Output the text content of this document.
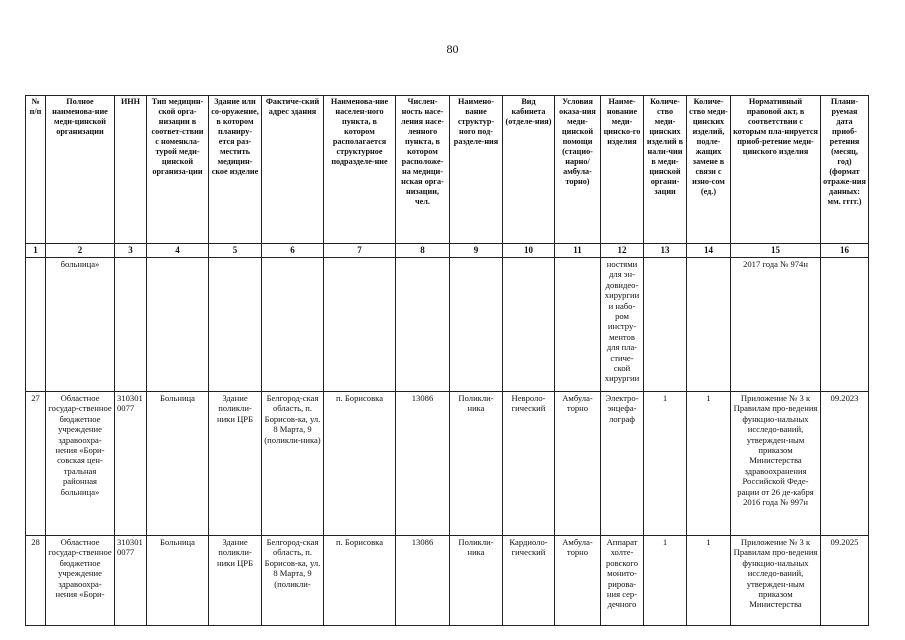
80
№ п/п	Полное наименова-ние меди-цинской организации	ИНН	Тип медицин-ской орга-низации в соответ-ствии с номенкла-турой меди-цинской организа-ции	Здание или со-оружение, в котором планиру-ется раз-местить медицин-ское изделие	Фактиче-ский адрес здания	Наименова-ние населен-ного пункта, в котором располагается структурное подразделе-ние	Числен-ность насе-ления насе-ленного пункта, в котором расположе-на медици-нская орга-низации, чел.	Наимено-вание структур-ного под-разделе-ния	Вид кабинета (отделе-ния)	Условия оказа-ния меди-цинской помощи (стацио-нарно/ амбула-торно)	Наиме-нование меди-цинско-го изделия	Количе-ство меди-цинских изделий в нали-чии в меди-цинской органи-зации	Количе-ство меди-цинских изделий, подле-жащих замене в связи с изно-сом (ед.)	Нормативный правовой акт, в соответствии с которым пла-нируется приоб-ретение меди-цинского изделия	Плани-руемая дата приоб-ретения (месяц, год) (формат отраже-ния данных: мм. гггг.)
1	2	3	4	5	6	7	8	9	10	11	12	13	14	15	16
	больница»										ностями для эн-довидео-хирургии и набо-ром инстру-ментов для пла-стиче-ской хирургии			2017 года № 974н	
27	Областное государ-ственное бюджетное учреждение здравоохра-нения «Бори-совская цен-тральная районная больница»	310301 0077	Больница	Здание поликли-ники ЦРБ	Белгород-ская область, п. Борисов-ка, ул. 8 Марта, 9 (поликли-ника)	п. Борисовка	13086	Поликли-ника	Невроло-гический	Амбула-торно	Электро-энцефа-лограф	1	1	Приложение № 3 к Правилам про-ведения функцио-нальных исследо-ваний, утвержден-ным приказом Министерства здравоохранения Российской Феде-рации от 26 де-кабря 2016 года № 997н	09.2023
28	Областное государ-ственное бюджетное учреждение здравоохра-нения «Бори-	310301 0077	Больница	Здание поликли-ники ЦРБ	Белгород-ская область, п. Борисов-ка, ул. 8 Марта, 9 (поликли-	п. Борисовка	13086	Поликли-ника	Кардиоло-гический	Амбула-торно	Аппарат холте-ровского монито-рирова-ния сер-дечного	1	1	Приложение № 3 к Правилам про-ведения функцио-нальных исследо-ваний, утвержден-ным приказом Министерства	09.2025
